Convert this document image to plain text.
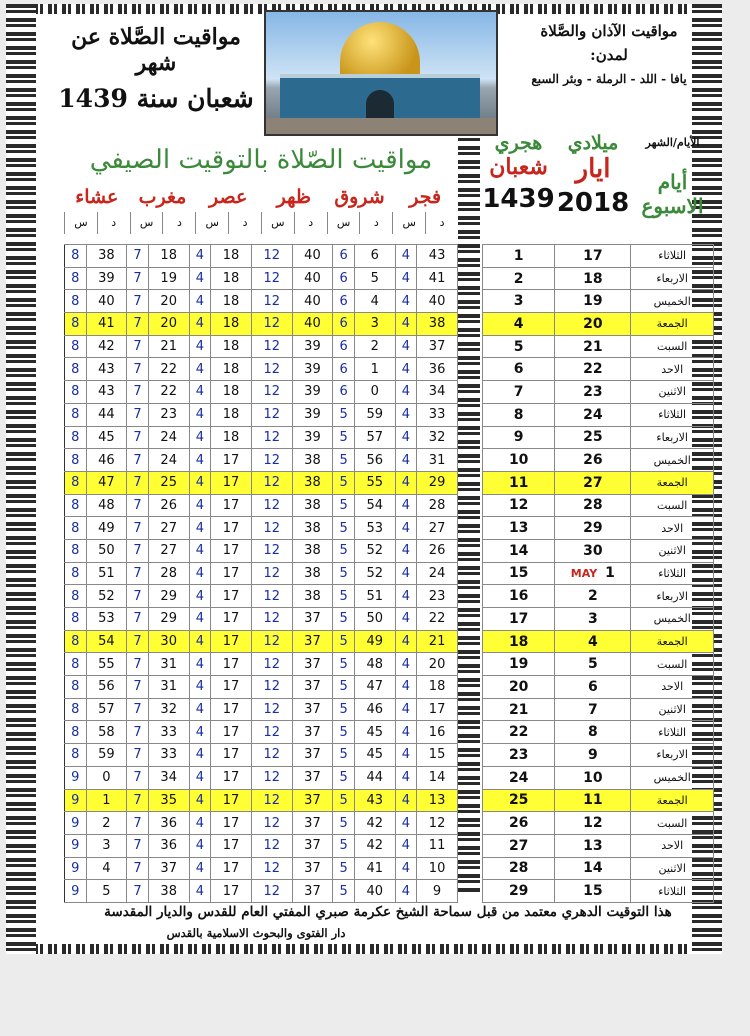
مواقيت الصَّلاة عن شهر
شعبان سنة 1439
مواقيت الآذان والصَّلاة
لمدن:
يافا - اللد - الرملة - وبئر السبع
مواقيت الصّلاة بالتوقيت الصيفي
فجر
شروق
ظهر
عصر
مغرب
عشاء
س	د	س	د	س	د	س	د	س	د	س	د
هجري	ميلادي	الأيام/الشهر
شعبان
1439
ايار
2018
أيام الاسبوع
8	38	7	18	4	18	12	40	6	6	4	43
8	39	7	19	4	18	12	40	6	5	4	41
8	40	7	20	4	18	12	40	6	4	4	40
8	41	7	20	4	18	12	40	6	3	4	38
8	42	7	21	4	18	12	39	6	2	4	37
8	43	7	22	4	18	12	39	6	1	4	36
8	43	7	22	4	18	12	39	6	0	4	34
8	44	7	23	4	18	12	39	5	59	4	33
8	45	7	24	4	18	12	39	5	57	4	32
8	46	7	24	4	17	12	38	5	56	4	31
8	47	7	25	4	17	12	38	5	55	4	29
8	48	7	26	4	17	12	38	5	54	4	28
8	49	7	27	4	17	12	38	5	53	4	27
8	50	7	27	4	17	12	38	5	52	4	26
8	51	7	28	4	17	12	38	5	52	4	24
8	52	7	29	4	17	12	38	5	51	4	23
8	53	7	29	4	17	12	37	5	50	4	22
8	54	7	30	4	17	12	37	5	49	4	21
8	55	7	31	4	17	12	37	5	48	4	20
8	56	7	31	4	17	12	37	5	47	4	18
8	57	7	32	4	17	12	37	5	46	4	17
8	58	7	33	4	17	12	37	5	45	4	16
8	59	7	33	4	17	12	37	5	45	4	15
9	0	7	34	4	17	12	37	5	44	4	14
9	1	7	35	4	17	12	37	5	43	4	13
9	2	7	36	4	17	12	37	5	42	4	12
9	3	7	36	4	17	12	37	5	42	4	11
9	4	7	37	4	17	12	37	5	41	4	10
9	5	7	38	4	17	12	37	5	40	4	9
1	17	الثلاثاء
2	18	الاربعاء
3	19	الخميس
4	20	الجمعة
5	21	السبت
6	22	الاحد
7	23	الاثنين
8	24	الثلاثاء
9	25	الاربعاء
10	26	الخميس
11	27	الجمعة
12	28	السبت
13	29	الاحد
14	30	الاثنين
15	MAY 1	الثلاثاء
16	2	الاربعاء
17	3	الخميس
18	4	الجمعة
19	5	السبت
20	6	الاحد
21	7	الاثنين
22	8	الثلاثاء
23	9	الاربعاء
24	10	الخميس
25	11	الجمعة
26	12	السبت
27	13	الاحد
28	14	الاثنين
29	15	الثلاثاء
هذا التوقيت الدهري معتمد من قبل سماحة الشيخ عكرمة صبري المفتي العام للقدس والديار المقدسة
دار الفتوى والبحوث الاسلامية بالقدس
